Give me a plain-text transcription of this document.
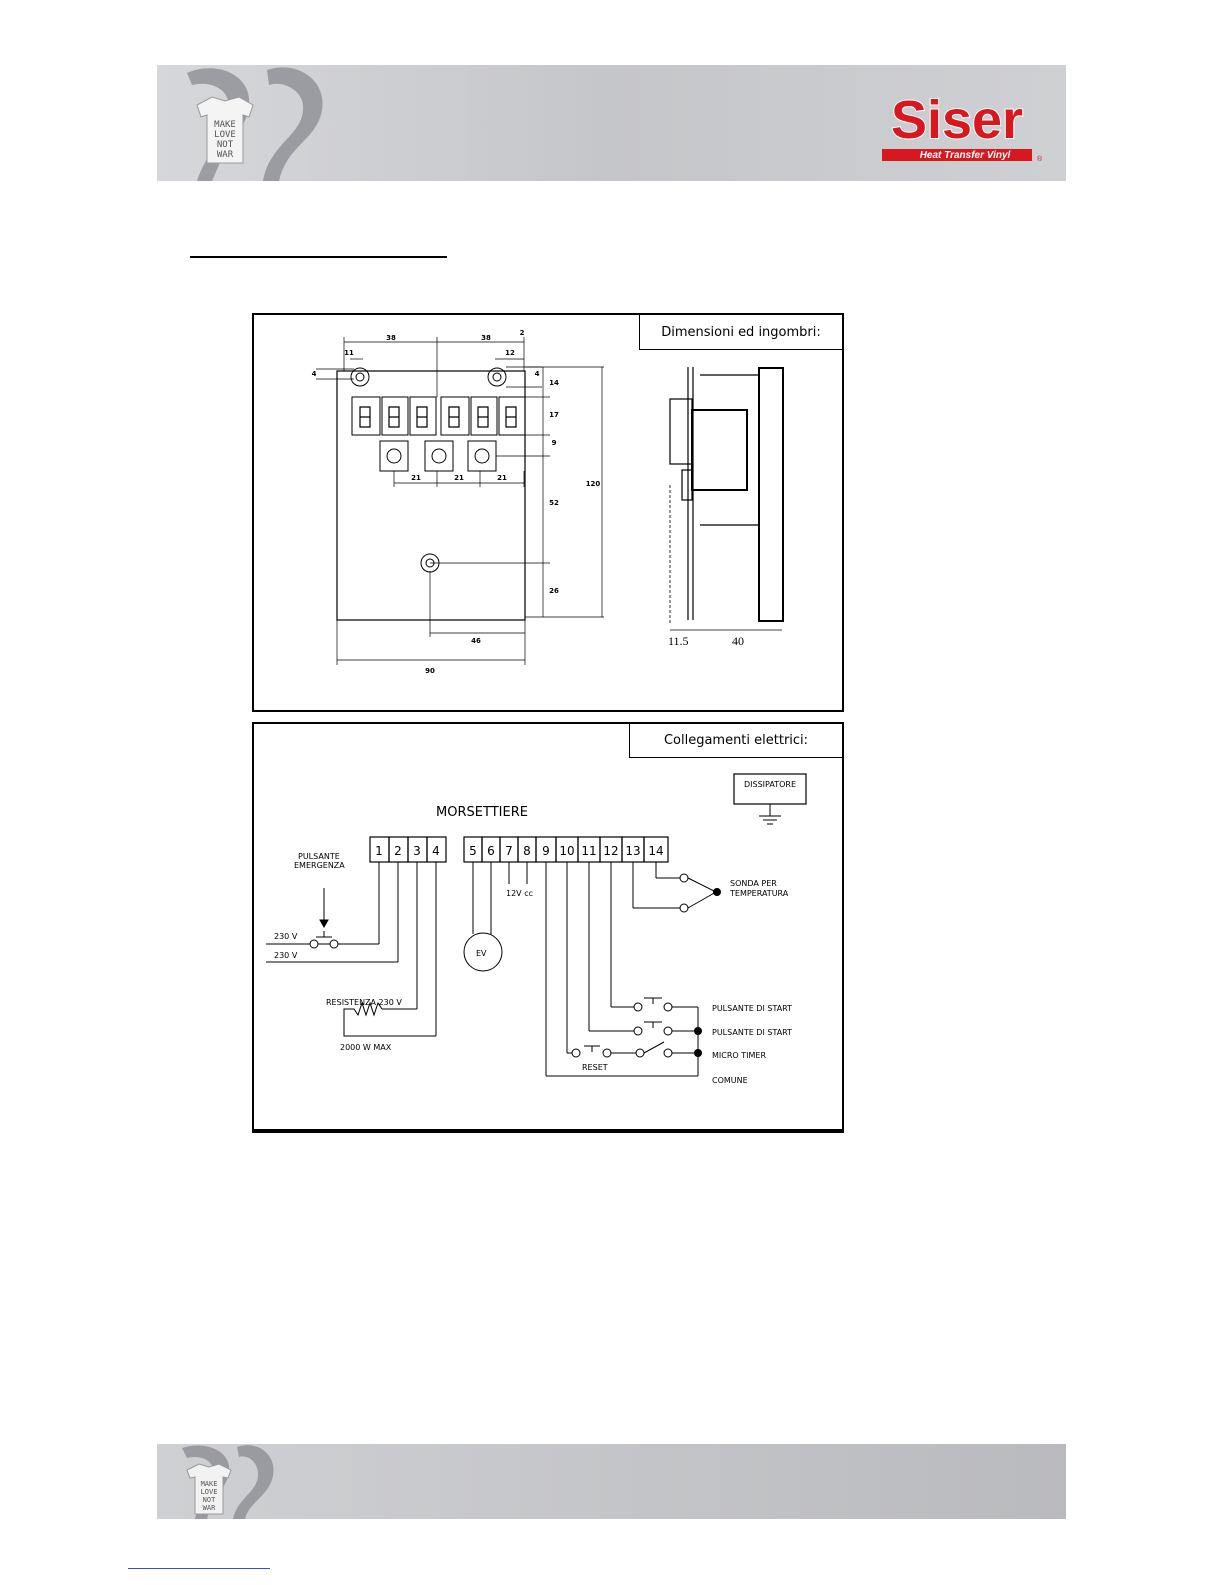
MAKE
LOVE
NOT
WAR
Siser
Heat Transfer Vinyl	®
Dimensioni ed ingombri:
38	38
2
11	12
4	4
14
17
9
21	21	21
52
120
26
46
90
11.5	40
Collegamenti elettrici:
DISSIPATORE
MORSETTIERE
1 2 3 4 5 6 7 8 9 10 11 12 13 14
PULSANTE
EMERGENZA
230 V
230 V
12V cc
EV
RESISTENZA 230 V
2000 W MAX
SONDA PER
TEMPERATURA
PULSANTE DI START
PULSANTE DI START
MICRO TIMER
RESET
COMUNE
MAKE
LOVE
NOT
WAR
